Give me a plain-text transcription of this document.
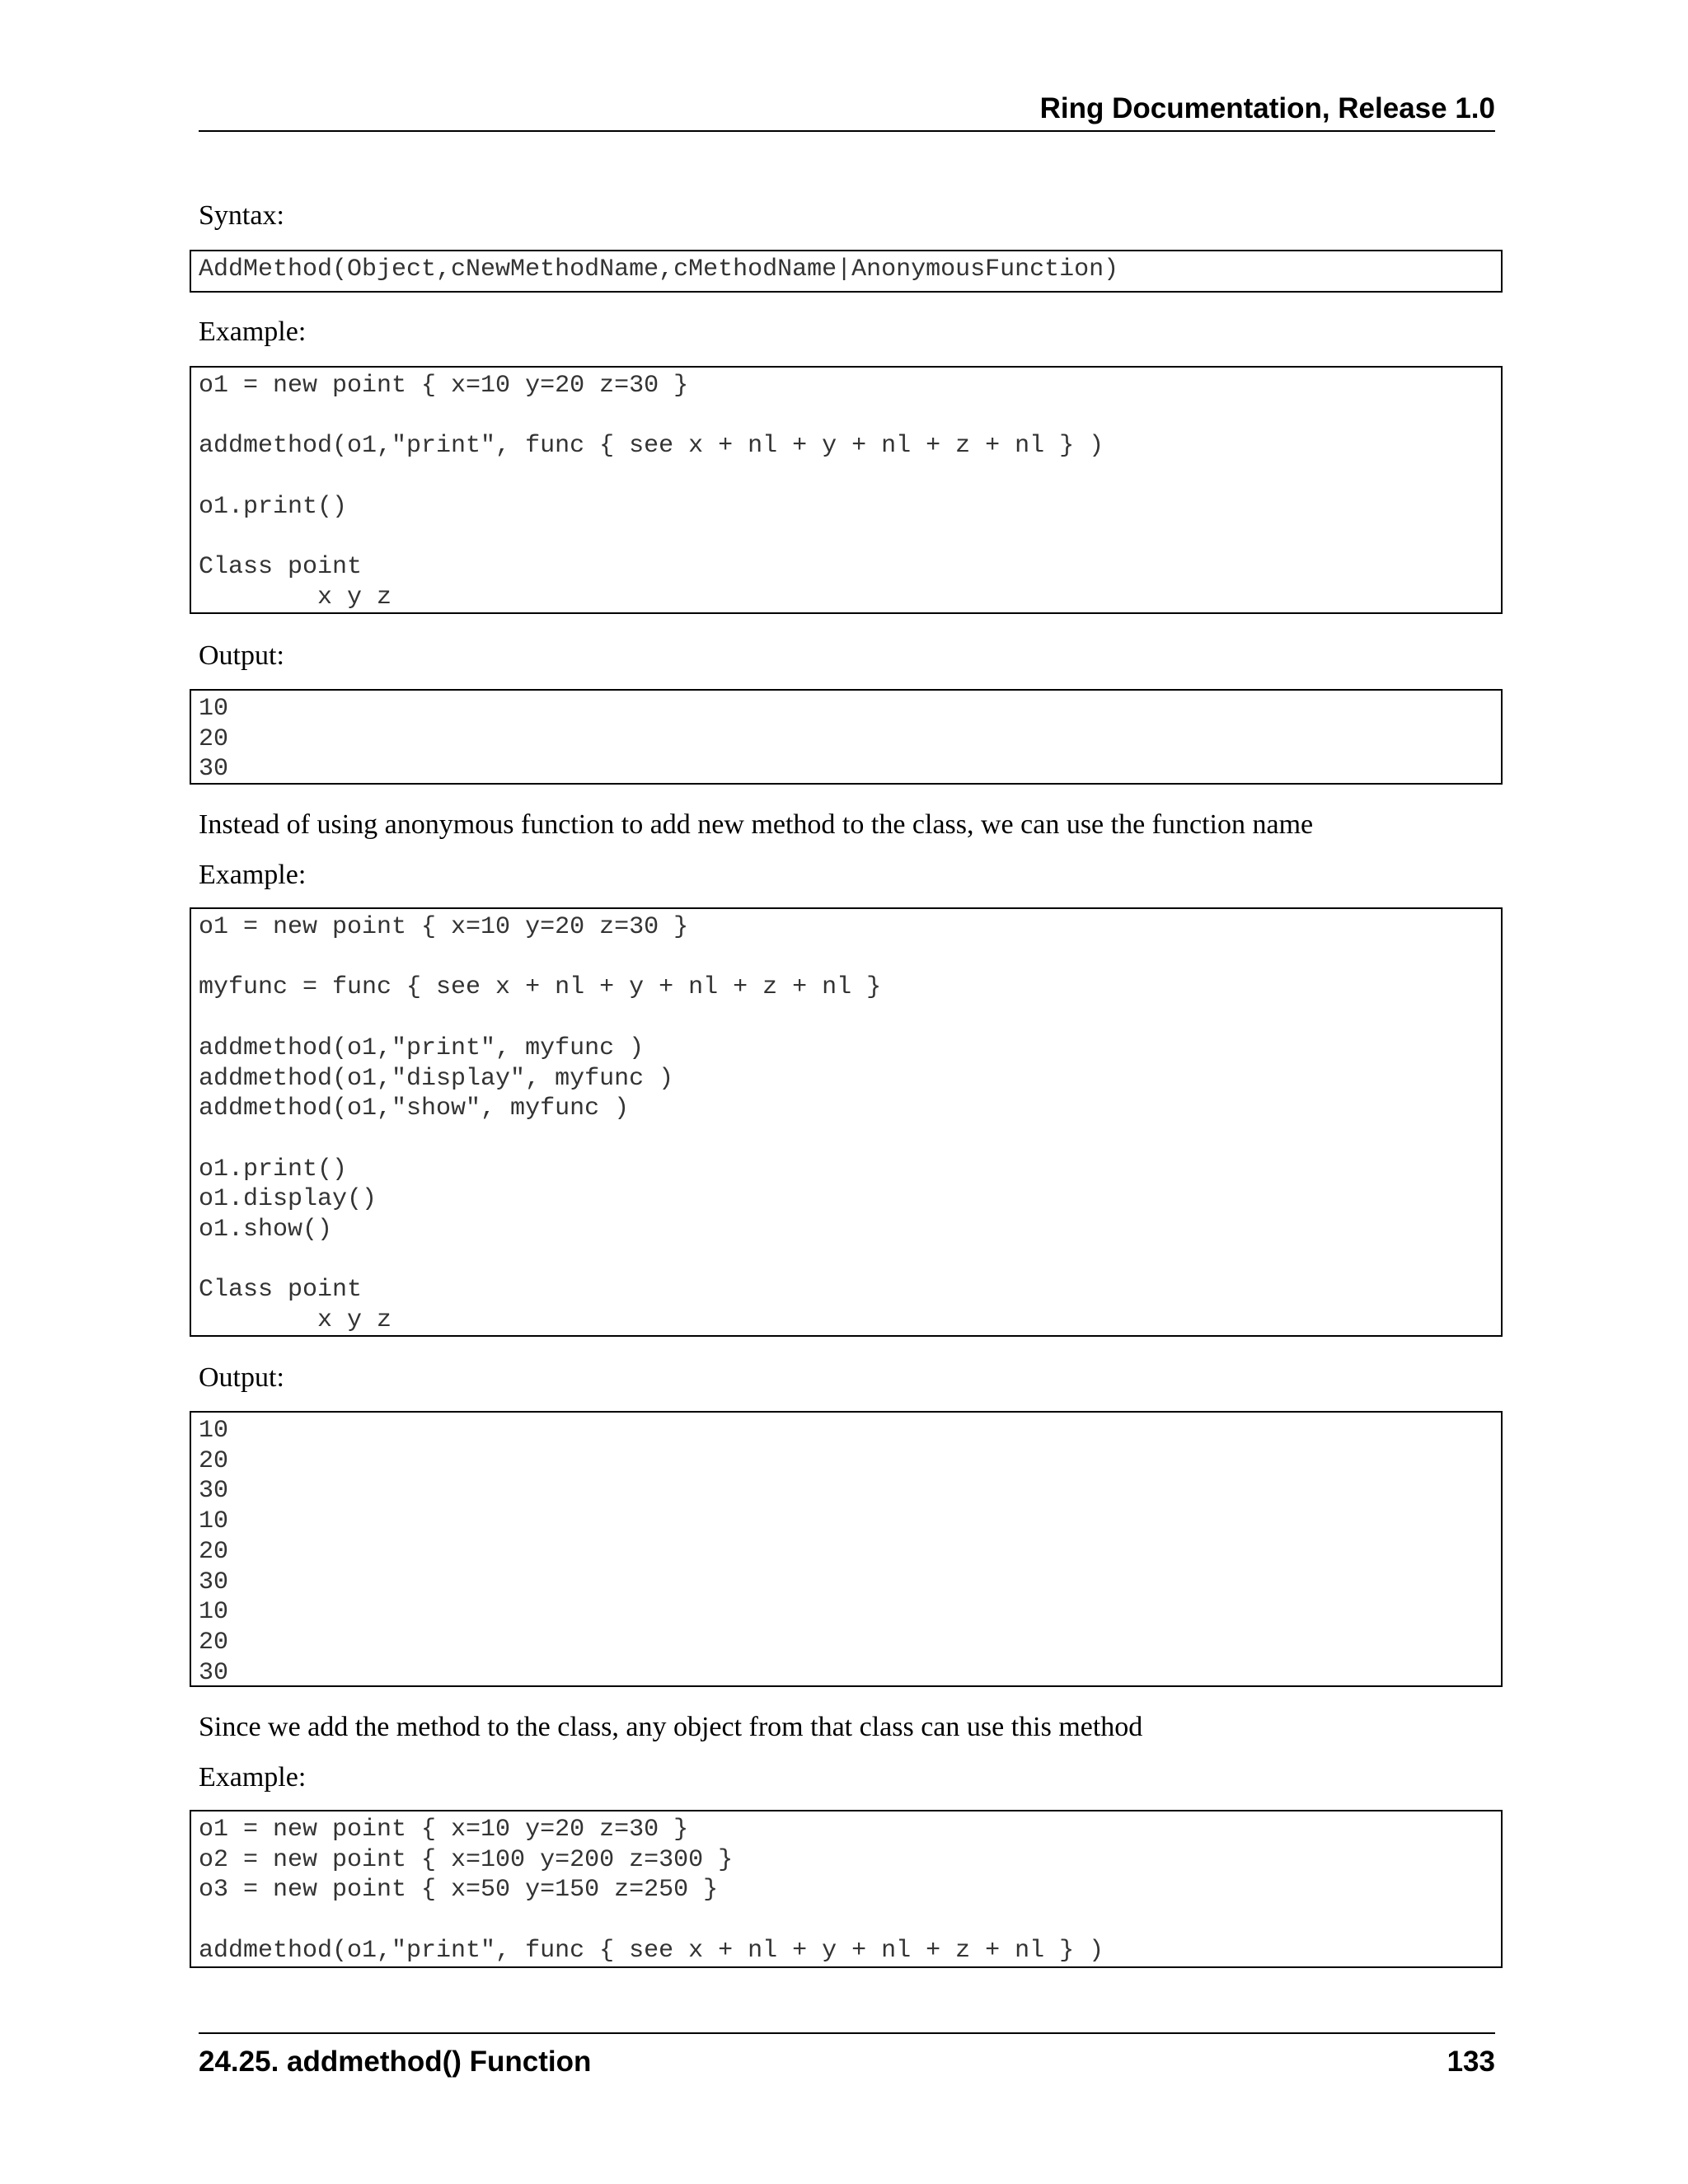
Ring Documentation, Release 1.0
Syntax:
AddMethod(Object,cNewMethodName,cMethodName|AnonymousFunction)
Example:
o1 = new point { x=10 y=20 z=30 }

addmethod(o1,"print", func { see x + nl + y + nl + z + nl } )

o1.print()

Class point
x y z
Output:
10
20
30
Instead of using anonymous function to add new method to the class, we can use the function name
Example:
o1 = new point { x=10 y=20 z=30 }

myfunc = func { see x + nl + y + nl + z + nl }

addmethod(o1,"print", myfunc )
addmethod(o1,"display", myfunc )
addmethod(o1,"show", myfunc )

o1.print()
o1.display()
o1.show()

Class point
x y z
Output:
10
20
30
10
20
30
10
20
30
Since we add the method to the class, any object from that class can use this method
Example:
o1 = new point { x=10 y=20 z=30 }
o2 = new point { x=100 y=200 z=300 }
o3 = new point { x=50 y=150 z=250 }

addmethod(o1,"print", func { see x + nl + y + nl + z + nl } )
24.25. addmethod() Function	133
